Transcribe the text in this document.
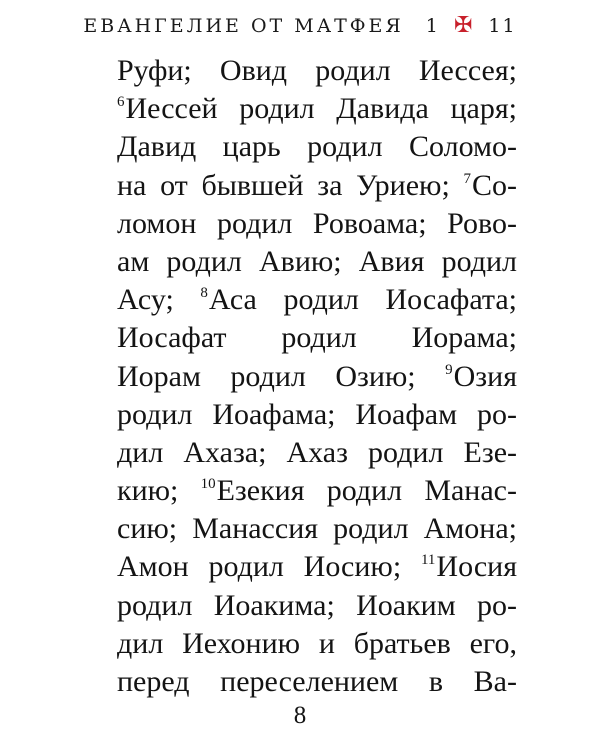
ЕВАНГЕЛИЕ ОТ МАТФЕЯ 1 ✠ 11
Руфи; Овид родил Иессея;
$^6$Иессей родил Давида царя;
Давид царь родил Соломо-
на от бывшей за Уриею; $^7$Со-
ломон родил Ровоама; Рово-
ам родил Авию; Авия родил
Асу; $^8$Аса родил Иосафата;
Иосафат родил Иорама;
Иорам родил Озию; $^9$Озия
родил Иоафама; Иоафам ро-
дил Ахаза; Ахаз родил Езе-
кию; $^{10}$Езекия родил Манас-
сию; Манассия родил Амона;
Амон родил Иосию; $^{11}$Иосия
родил Иоакима; Иоаким ро-
дил Иехонию и братьев его,
перед переселением в Ва-
8
